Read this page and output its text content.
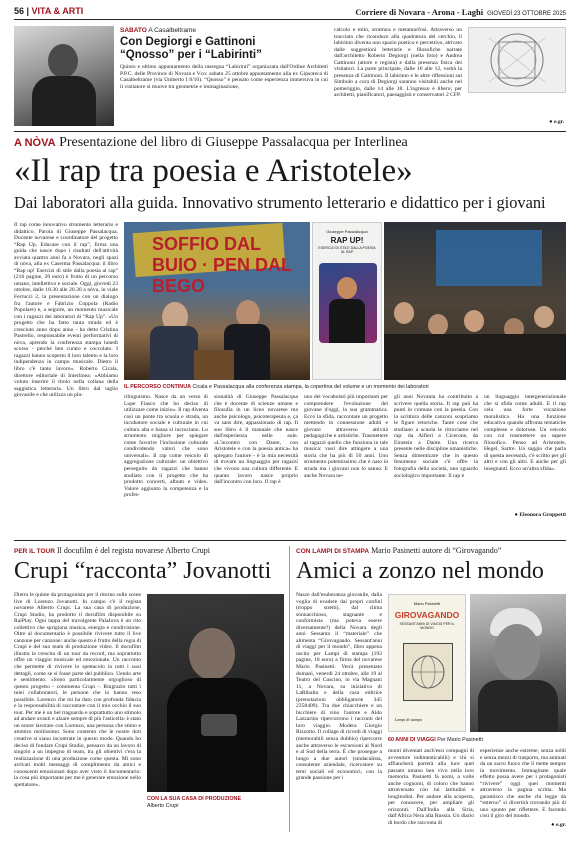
56 | VITA & ARTI	Corriere di Novara - Arona - Laghi GIOVEDÌ 23 OTTOBRE 2025
SABATO A Casalbeltrame
Con Degiorgi e Gattinoni
“Qnosso” per i “Labirinti”

Quinto e ultimo appuntamento della rassegna “Labirinti” organizzata dall'Ordine Architetti P.P.C. delle Province di Novara e Vco: sabato 25 ottobre appuntamento alla ex Gipsoteca di Casalbeltrame (via Umberto I 8/10). “Qnosso” è pensato come esperienza immersiva in cui il visitatore si muove tra geometrie e immaginazione,

calcolo e mito, struttura e metamorfosi. Attraverso un tracciato che riconduce alla quadratura del cerchio, il labirinto diventa uno spazio poetico e percettivo, attivato dalle suggestioni letterarie e filosofiche narrate dall'architetto Roberto Degiorgi (nella foto) e Andrea Gattinoni (attore e regista) e dalla presenza fisica dei visitatori. La parte principale, dalle 10 alle 12, vedrà la presenza di Gattinoni. Il labirinto e le altre riflessioni sul Simbolo a cura di Degiorgi saranno visitabili anche nel pomeriggio, dalle 14 alle 18. L'ingresso è libero; per architetti, pianificatori, paesaggisti e conservatori 2 CFP.

● e.gr.
A NÒVA Presentazione del libro di Giuseppe Passalacqua per Interlinea
«Il rap tra poesia e Aristotele»
Dai laboratori alla guida. Innovativo strumento letterario e didattico per i giovani

Il rap come innovativo strumento letterario e didattico. Parola di Giuseppe Passalacqua. Docente novarese e coordinatore del progetto “Rap Up. Educare con il rap”, firma una guida che nasce dopo i risultati dell'attività avviata quattro anni fa a Novara, negli spazi di nòva, alla ex Caserma Passalacqua: il libro “Rap up! Esercizi di stile dalla poesia al rap” (216 pagine, 20 euro) è frutto di un percorso umano, intellettivo e sociale. Oggi, giovedì 23 ottobre, dalle 18.30 alle 20.30 a nòva, in viale Ferrucci 2, la presentazione con un dialogo fra l'autore e Fabrizio Coppola (Radio Popolare) e, a seguire, un momento musicale con i ragazzi dei laboratori di “Rap Up”. «Un progetto che ha fatto tanta strada ed è cresciuto anno dopo anno - ha detto Cristina Pastrello, responsabile eventi performativi di nòva, aprendo la conferenza stampa lunedì scorso - perché ben curato e coccolato. I ragazzi hanno scoperto il loro talento e la loro indipendenza in campo musicale. Dietro il libro c'è tanto lavoro». Roberto Cicala, direttore editoriale di Interlinea: «Abbiamo voluto inserire il titolo nella collana della saggistica letteraria. Un libro dal taglio giovanile e che utilizza un plu-

SOFFIO DAL BUIO · PEN DAL BEGO
Giuseppe Passalacqua
RAP UP!
ESERCIZI DI STILE DALLA POESIA AL RAP
IL PERCORSO CONTINUA Cicala e Passalacqua alla conferenza stampa, la copertina del volume e un momento dei laboratori

rilinguismo. Nasce da un verso di Lupe Fiasco che ho deciso di utilizzare come inizio». Il rap diventa così un ponte tra scuola e strada, un incubatore sociale e culturale in cui cultura alta e bassa si incrociano. Lo strumento migliore per spiegare come favorire l'inclusione culturale condividendo valori che sono universali». Il rap come veicolo di aggregazione culturale: un obiettivo perseguito da ragazzi che hanno studiato con il progetto che ha prodotto concerti, album e video. Valore aggiunto la competenza e la profes-

sionalità di Giuseppe Passalacqua che è docente di scienze umane e filosofia in un liceo novarese ma anche psicologo, psicoterapeuta e, ça va sans dire, appassionato di rap. Il suo libro è il manuale che nasce dall'esperienza nelle aule. «L'incontro con Dante, con Aristotele e con la poesia antica» ha spiegato l'autore - è la mia necessità di trovare un linguaggio per ragazzi che vivono una cultura differente. E quanto lavoro nasce proprio dall'incontro con loro. Il rap è

uno dei vocabolari più importanti per comprendere l'evoluzione del giovane d'oggi, la sua grammatica. Ecco la sfida, raccontare un progetto mettendo in connessione adulti e giovani attraverso attività pedagogiche e artistiche. Trasmettere ai ragazzi quello che funziona in tale musica: vuol dire attingere a una storia che ha più di 50 anni. Uno strumento potentissimo che è nato in strada ma i giovani non lo sanno. E anche Novara ne-

gli anni Novanta ha contribuito a scrivere quella storia. Il rap può ha punti in comune con la poesia. Con la scrittura delle canzoni scopriamo le figure retoriche. Tante cose che studiano a scuola le ritroviamo nel rap: da Alfieri a Cicerone, da Einstein a Dante. Una ricerca presente nelle discipline umanistiche. Senza dimenticare che in questo fenomeno sociale c'è offre la fotografia della società, uno sguardo sociologico importante. Il rap è

un linguaggio intergenerazionale che si sfida come adulti. E il rap cela una forte vocazione moralistica. Ha una funzione educativa quando affronta tematiche complesse e dolorose. Un veicolo con cui trasmettere un sapere filosofico. Penso ad Aristotele, Hegel, Sartre. Un saggio che parla di questa necessità, c'è scritto per gli altri e con gli altri. E anche per gli insegnanti. Ecco un'altra sfida».

● Eleonora Groppetti
PER IL TOUR Il docufilm è del regista novarese Alberto Crupi
Crupi “racconta” Jovanotti

Dietro le quinte da protagonista per il ritorno sulle scene live di Lorenzo Jovanotti. In campo c'è il regista novarese Alberto Crupi. La sua casa di produzione, Crupi Studio, ha prodotto il docufilm disponibile su RaiPlay. Ogni tappa del travolgente PalaJova è un rito collettivo che sprigiona musica, energia e condivisione. Oltre al documentario è possibile rivivere tutto il live canzone per canzone: anche questo è frutto della regia di Crupi e del suo team di produzione video. Il docufilm illustra la crescita di un tour da record, ma soprattutto offre un viaggio musicale ed emozionale. Un racconto che permette di rivivere lo spettacolo in tutti i suoi dettagli, come se si fosse parte del pubblico. Uendo arte e sentimento. «Sono particolarmente orgoglioso di questo progetto - commenta Crupi -. Ringrazio tutti i miei collaboratori, le persone che lo hanno reso possibile. Lorenzo che mi ha dato con profonda fiducia e la responsabilità di raccontare con il mio occhio il suo tour. Per me è un bel traguardo e soprattutto uno stimolo ad andare avanti e alzare sempre di più l'asticella: è stato un onore lavorare con Lorenzo, una persona che stimo e ammiro moltissimo. Sono contento che le nostre doti creative si siano incontrate in questo modo. Quando ho deciso di fondare Crupi Studio, pensavo da un lavoro di singolo a un impegno di team, tra gli obiettivi c'era la realizzazione di una produzione come questa. Mi sono arrivati molti messaggi di complimento da amici e conoscenti emozionati dopo aver visto il documentario: la cosa più importante per me è generare emozione nello spettatore».

CON LA SUA CASA DI PRODUZIONE
Alberto Crupi
CON LAMPI DI STAMPA Mario Pasinetti autore di “Girovagando”
Amici a zonzo nel mondo

Nasce dall'esuberanza giovanile, dalla voglia di evadere dai propri confini (troppo stretti), dal clima sonnacchioso, stagnante e conformista (ma poteva essere diversamente?) della Novara degli anni Sessanta il “materiale” che alimenta “Girovagando. Sessant'anni di viaggi per il mondo”, libro appena uscito per Lampi di stampa (192 pagine, 18 euro) a firma del novarese Mario Pasinetti. Verrà presentato domani, venerdì 24 ottobre, alle 19 al Teatro del Cuscino, in via Magnani 11, a Novara, su iniziativa di LaRibalta e della casa editrice (prenotazioni obbligatorie 345 2358409). Tra due chiacchiere e un bicchiere di vino l'autore e Aldo Lazzarino ripercorrono i racconti del loro viaggio. Modera Giorgio Rizzotto. Il collage di ricordi di viaggi (memorabili senza dubbio) ripercorre anche attraverso le escursioni al Nord e al Sud della terra. È che prosegue a lungo a due autori (sindacalista, consulente aziendale, ricercatore su temi sociali ed economici, con la grande passione per i

Mario Pasinetti
GIROVAGANDO
SESSANT'ANNI DI VIAGGI PER IL MONDO
Lampi di stampa
60 ANNI DI VIAGGI Per Mario Pasinetti

monti diventati anch'essi compagni di avventure indimenticabili) e chi si affiancherà porterà alla luce quel passato umano ben vivo nella loro memoria. Pasinetti fa nomi, a volte anche cognomi, di coloro che hanno attraversato con lui latitudini e longitudini. Per andare alla scoperta, per conoscere, per ampliare gli orizzonti. Dall'India alla Siria, dall'Africa Nera alla Russia. Un diario di bordo che racconta di

esperienze anche estreme, senza soldi e senza mezzi di trasporto, ma animati da un sacro fuoco che li mette sempre in movimento. Immaginate quale effetto possa avere per i protagonisti “rivivere” oggi quei momenti attraverso la pagina scritta. Ma garantisco che anche chi legge da “esterno” si divertirà trovando più di uno spunto per riflettere. E facendo così il giro del mondo.

● e.gr.
